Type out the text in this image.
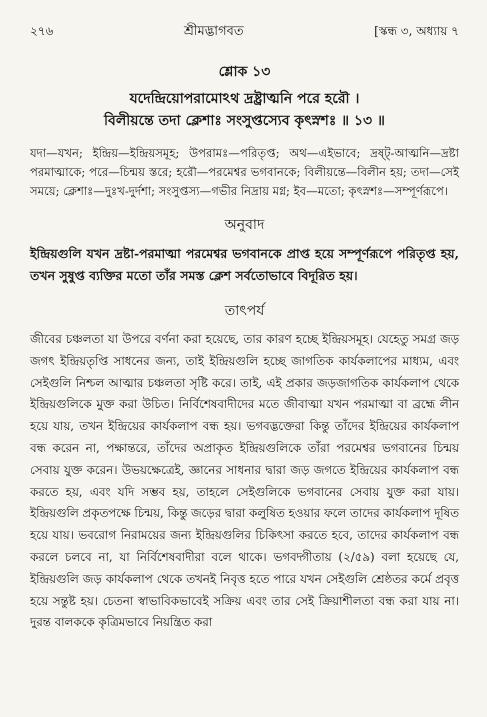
২৭৬	শ্রীমদ্ভাগবত	[স্কন্ধ ৩, অধ্যায় ৭
শ্লোক ১৩
যদেন্দ্রিয়োপরামোঽথ দ্রষ্ট্রাত্মনি পরে হরৌ ।
বিলীয়ন্তে তদা ক্লেশাঃ সংসুপ্তস্যেব কৃৎস্নশঃ ॥ ১৩ ॥
যদা—যখন; ইন্দ্রিয়—ইন্দ্রিয়সমূহ; উপরামঃ—পরিতৃপ্ত; অথ—এইভাবে; দ্রষ্ট্-আত্মনি—দ্রষ্টা পরমাত্মাকে; পরে—চিন্ময় স্তরে; হরৌ—পরমেশ্বর ভগবানকে; বিলীয়ন্তে—বিলীন হয়; তদা—সেই সময়ে; ক্লেশাঃ—দুঃখ-দুর্দশা; সংসুপ্তস্য—গভীর নিদ্রায় মগ্ন; ইব—মতো; কৃৎস্নশঃ—সম্পূর্ণরূপে।
অনুবাদ
ইন্দ্রিয়গুলি যখন দ্রষ্টা-পরমাত্মা পরমেশ্বর ভগবানকে প্রাপ্ত হয়ে সম্পূর্ণরূপে পরিতৃপ্ত হয়, তখন সুষুপ্ত ব্যক্তির মতো তাঁর সমস্ত ক্লেশ সর্বতোভাবে বিদূরিত হয়।
তাৎপর্য
জীবের চঞ্চলতা যা উপরে বর্ণনা করা হয়েছে, তার কারণ হচ্ছে ইন্দ্রিয়সমূহ। যেহেতু সমগ্র জড় জগৎ ইন্দ্রিয়তৃপ্তি সাধনের জন্য, তাই ইন্দ্রিয়গুলি হচ্ছে জাগতিক কার্যকলাপের মাধ্যম, এবং সেইগুলি নিশ্চল আত্মার চঞ্চলতা সৃষ্টি করে। তাই, এই প্রকার জড়জাগতিক কার্যকলাপ থেকে ইন্দ্রিয়গুলিকে মুক্ত করা উচিত। নির্বিশেষবাদীদের মতে জীবাত্মা যখন পরমাত্মা বা ব্রহ্মে লীন হয়ে যায়, তখন ইন্দ্রিয়ের কার্যকলাপ বন্ধ হয়। ভগবদ্ভক্তেরা কিন্তু তাঁদের ইন্দ্রিয়ের কার্যকলাপ বন্ধ করেন না, পক্ষান্তরে, তাঁদের অপ্রাকৃত ইন্দ্রিয়গুলিকে তাঁরা পরমেশ্বর ভগবানের চিন্ময় সেবায় যুক্ত করেন। উভয়ক্ষেত্রেই, জ্ঞানের সাধনার দ্বারা জড় জগতে ইন্দ্রিয়ের কার্যকলাপ বন্ধ করতে হয়, এবং যদি সম্ভব হয়, তাহলে সেইগুলিকে ভগবানের সেবায় যুক্ত করা যায়। ইন্দ্রিয়গুলি প্রকৃতপক্ষে চিন্ময়, কিন্তু জড়ের দ্বারা কলুষিত হওয়ার ফলে তাদের কার্যকলাপ দূষিত হয়ে যায়। ভবরোগ নিরাময়ের জন্য ইন্দ্রিয়গুলির চিকিৎসা করতে হবে, তাদের কার্যকলাপ বন্ধ করলে চলবে না, যা নির্বিশেষবাদীরা বলে থাকে। ভগবদ্গীতায় (২/৫৯) বলা হয়েছে যে, ইন্দ্রিয়গুলি জড় কার্যকলাপ থেকে তখনই নিবৃত্ত হতে পারে যখন সেইগুলি শ্রেষ্ঠতর কর্মে প্রবৃত্ত হয়ে সন্তুষ্ট হয়। চেতনা স্বাভাবিকভাবেই সক্রিয় এবং তার সেই ক্রিয়াশীলতা বন্ধ করা যায় না। দুরন্ত বালককে কৃত্রিমভাবে নিয়ন্ত্রিত করা
